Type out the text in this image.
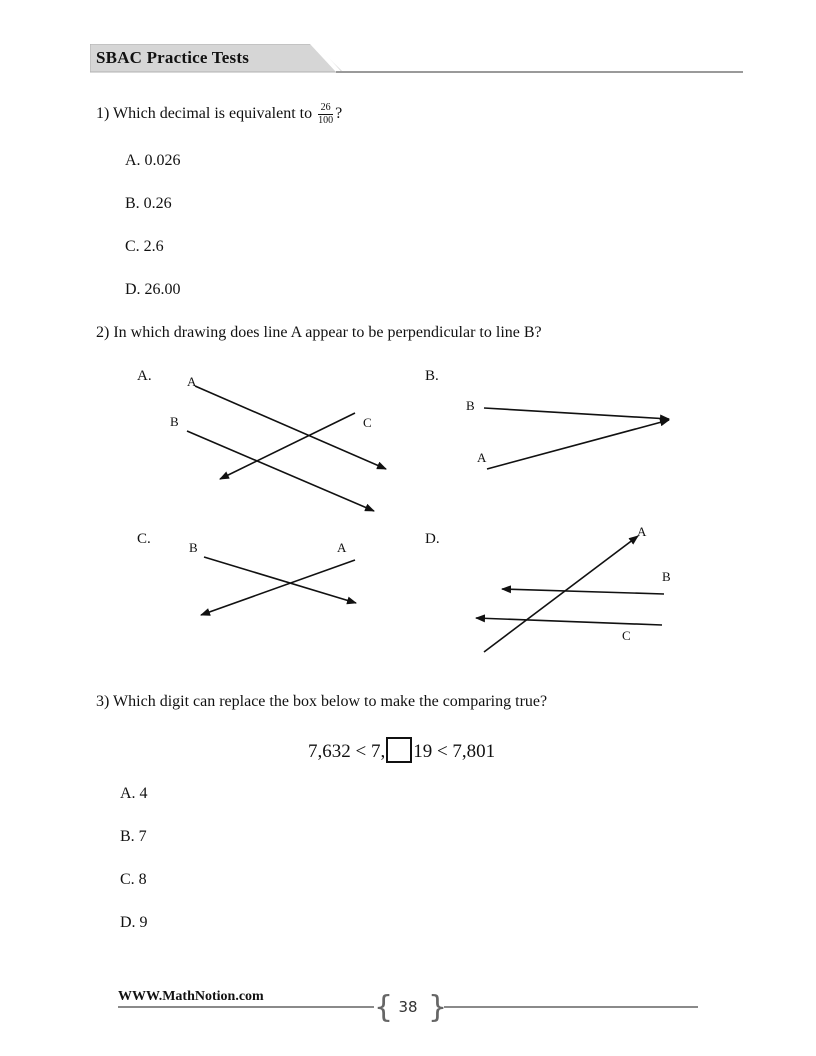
SBAC Practice Tests
1) Which decimal is equivalent to $\frac{26}{100}$ ?
A. 0.026
B. 0.26
C. 2.6
D. 26.00
2) In which drawing does line A appear to be perpendicular to line B?
A.	B.
C.	D.
A
B	C
B
A
B	A
A
B
C
3) Which digit can replace the box below to make the comparing true?
7,632 < 7, 19 < 7,801
A. 4
B. 7
C. 8
D. 9
WWW.MathNotion.com	{ 38 }
